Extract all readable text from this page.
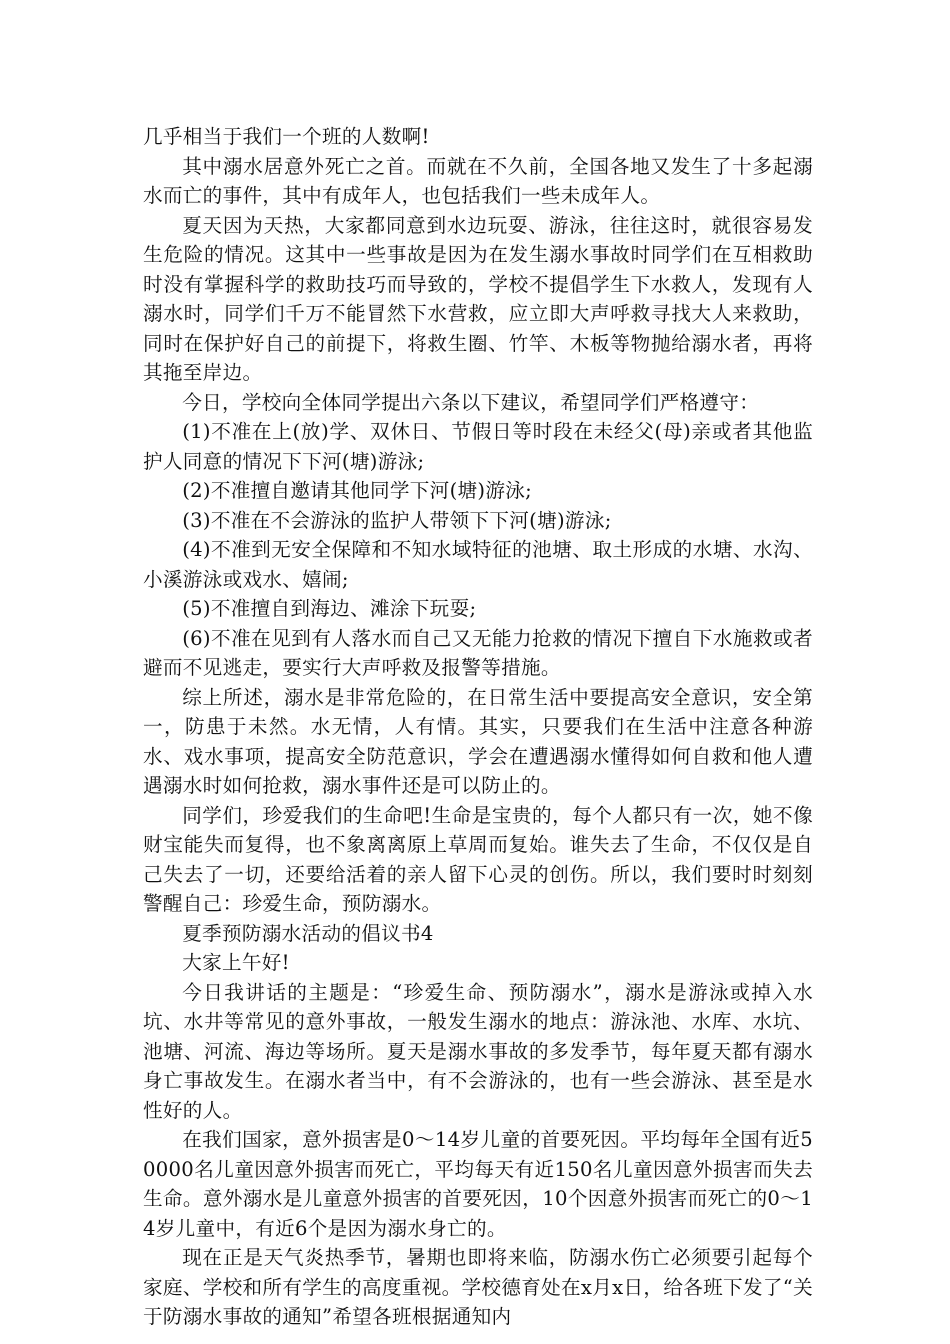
几乎相当于我们一个班的人数啊!

其中溺水居意外死亡之首。而就在不久前，全国各地又发生了十多起溺水而亡的事件，其中有成年人，也包括我们一些未成年人。

夏天因为天热，大家都同意到水边玩耍、游泳，往往这时，就很容易发生危险的情况。这其中一些事故是因为在发生溺水事故时同学们在互相救助时没有掌握科学的救助技巧而导致的，学校不提倡学生下水救人，发现有人溺水时，同学们千万不能冒然下水营救，应立即大声呼救寻找大人来救助，同时在保护好自己的前提下，将救生圈、竹竿、木板等物抛给溺水者，再将其拖至岸边。

今日，学校向全体同学提出六条以下建议，希望同学们严格遵守：

(1)不准在上(放)学、双休日、节假日等时段在未经父(母)亲或者其他监护人同意的情况下下河(塘)游泳;

(2)不准擅自邀请其他同学下河(塘)游泳;

(3)不准在不会游泳的监护人带领下下河(塘)游泳;

(4)不准到无安全保障和不知水域特征的池塘、取土形成的水塘、水沟、小溪游泳或戏水、嬉闹;

(5)不准擅自到海边、滩涂下玩耍;

(6)不准在见到有人落水而自己又无能力抢救的情况下擅自下水施救或者避而不见逃走，要实行大声呼救及报警等措施。

综上所述，溺水是非常危险的，在日常生活中要提高安全意识，安全第一，防患于未然。水无情，人有情。其实，只要我们在生活中注意各种游水、戏水事项，提高安全防范意识，学会在遭遇溺水懂得如何自救和他人遭遇溺水时如何抢救，溺水事件还是可以防止的。

同学们，珍爱我们的生命吧!生命是宝贵的，每个人都只有一次，她不像财宝能失而复得，也不象离离原上草周而复始。谁失去了生命，不仅仅是自己失去了一切，还要给活着的亲人留下心灵的创伤。所以，我们要时时刻刻警醒自己：珍爱生命，预防溺水。

夏季预防溺水活动的倡议书4

大家上午好!

今日我讲话的主题是：“珍爱生命、预防溺水”，溺水是游泳或掉入水坑、水井等常见的意外事故，一般发生溺水的地点：游泳池、水库、水坑、池塘、河流、海边等场所。夏天是溺水事故的多发季节，每年夏天都有溺水身亡事故发生。在溺水者当中，有不会游泳的，也有一些会游泳、甚至是水性好的人。

在我们国家，意外损害是0～14岁儿童的首要死因。平均每年全国有近50000名儿童因意外损害而死亡，平均每天有近150名儿童因意外损害而失去生命。意外溺水是儿童意外损害的首要死因，10个因意外损害而死亡的0～14岁儿童中，有近6个是因为溺水身亡的。

现在正是天气炎热季节，暑期也即将来临，防溺水伤亡必须要引起每个家庭、学校和所有学生的高度重视。学校德育处在x月x日，给各班下发了“关于防溺水事故的通知”希望各班根据通知内
